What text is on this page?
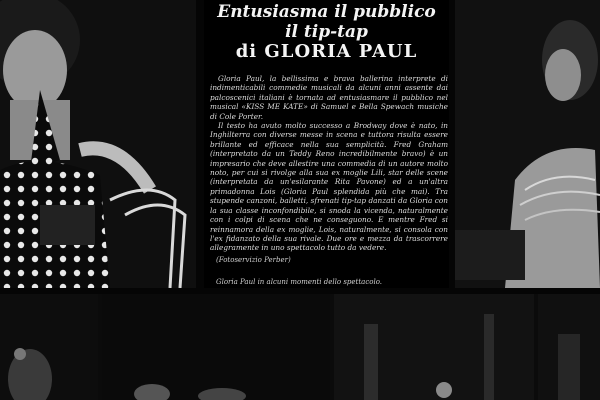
Entusiasma il pubblico
il tip-tap
di GLORIA PAUL

Gloria Paul, la bellissima e brava ballerina interprete di indimenticabili commedie musicali da alcuni anni assente dai palcoscenici italiani è tornata ad entusiasmare il pubblico nel musical «KISS ME KATE» di Samuel e Bella Spewach musiche di Cole Porter.

Il testo ha avuto molto successo a Brodway dove è nato, in Inghilterra con diverse messe in scena e tuttora risulta essere brillante ed efficace nella sua semplicità. Fred Graham (interpretato da un Teddy Reno incredibilmente bravo) è un impresario che deve allestire una commedia di un autore molto noto, per cui si rivolge alla sua ex moglie Lili, star delle scene (interpretata da un'esilarante Rita Pavone) ed a un'altra primadonna Lois (Gloria Paul splendida più che mai). Tra stupende canzoni, balletti, sfrenati tip-tap danzati da Gloria con la sua classe inconfondibile, si snoda la vicenda, naturalmente con i colpi di scena che ne conseguono. E mentre Fred si reinnamora della ex moglie, Lois, naturalmente, si consola con l'ex fidanzato della sua rivale. Due ore e mezza da trascorrere allegramente in uno spettacolo tutto da vedere.

(Fotoservizio Perber)
Gloria Paul in alcuni momenti dello spettacolo.
